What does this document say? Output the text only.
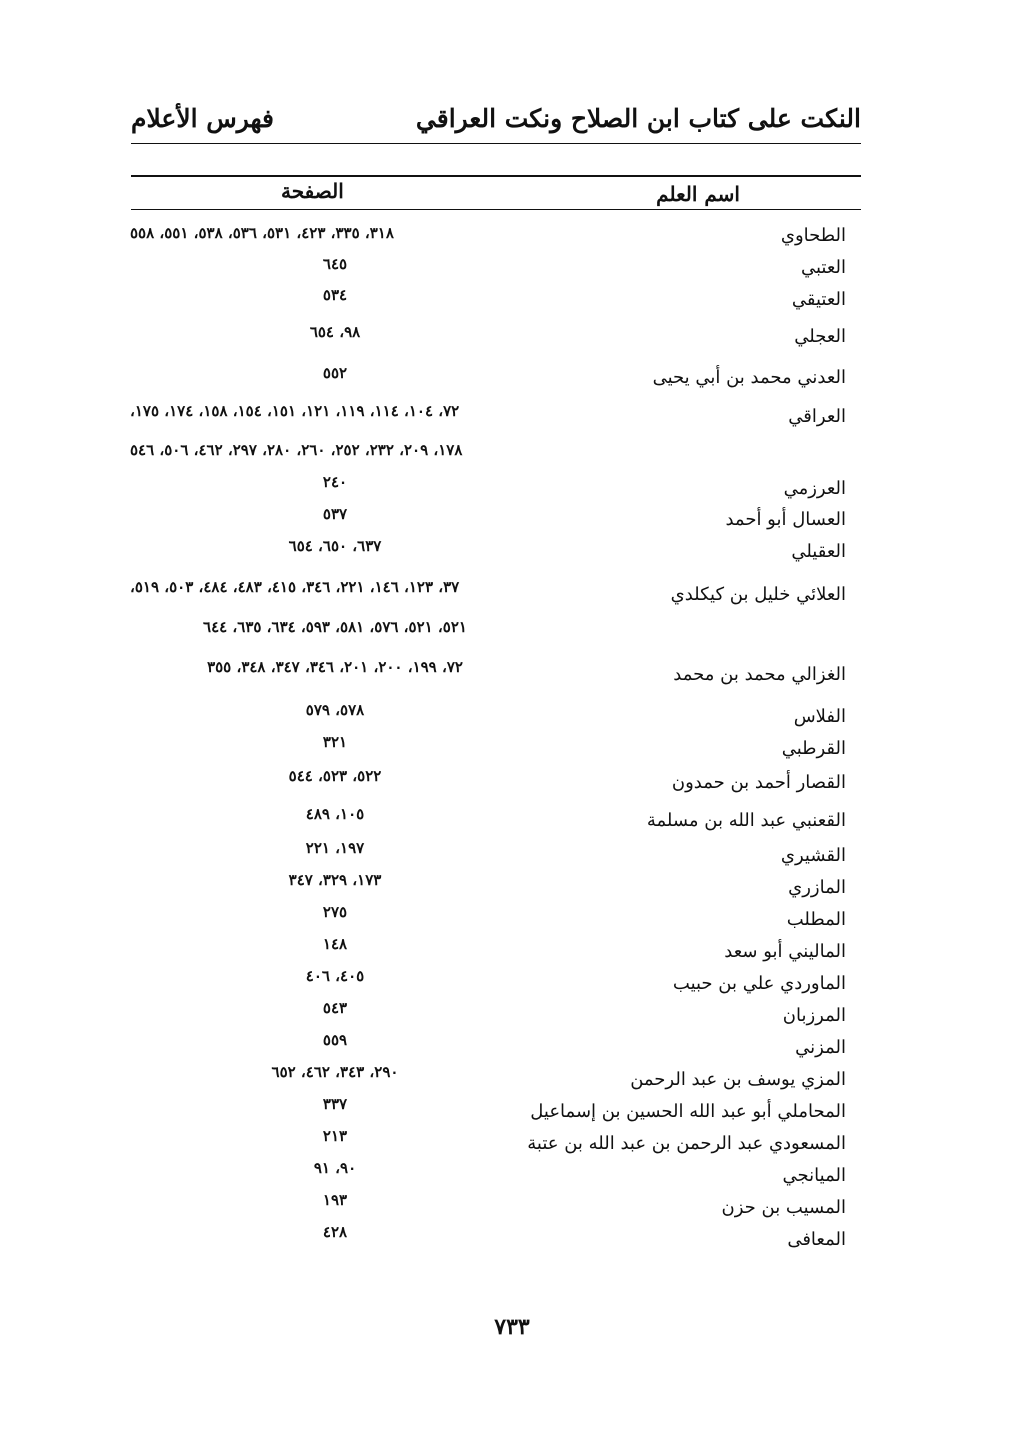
النكت على كتاب ابن الصلاح ونكت العراقي
فهرس الأعلام
اسم العلم
الصفحة
الطحاوي
٣١٨، ٣٣٥، ٤٢٣، ٥٣١، ٥٣٦، ٥٣٨، ٥٥١، ٥٥٨
العتبي
٦٤٥
العتيقي
٥٣٤
العجلي
٩٨، ٦٥٤
العدني محمد بن أبي يحيى
٥٥٢
العراقي
٧٢، ١٠٤، ١١٤، ١١٩، ١٢١، ١٥١، ١٥٤، ١٥٨، ١٧٤، ١٧٥،
١٧٨، ٢٠٩، ٢٣٢، ٢٥٢، ٢٦٠، ٢٨٠، ٢٩٧، ٤٦٢، ٥٠٦، ٥٤٦
العرزمي
٢٤٠
العسال أبو أحمد
٥٣٧
العقيلي
٦٣٧، ٦٥٠، ٦٥٤
العلائي خليل بن كيكلدي
٣٧، ١٢٣، ١٤٦، ٢٢١، ٣٤٦، ٤١٥، ٤٨٣، ٤٨٤، ٥٠٣، ٥١٩،
٥٢١، ٥٢١، ٥٧٦، ٥٨١، ٥٩٣، ٦٣٤، ٦٣٥، ٦٤٤
الغزالي محمد بن محمد
٧٢، ١٩٩، ٢٠٠، ٢٠١، ٣٤٦، ٣٤٧، ٣٤٨، ٣٥٥
الفلاس
٥٧٨، ٥٧٩
القرطبي
٣٢١
القصار أحمد بن حمدون
٥٢٢، ٥٢٣، ٥٤٤
القعنبي عبد الله بن مسلمة
١٠٥، ٤٨٩
القشيري
١٩٧، ٢٢١
المازري
١٧٣، ٣٢٩، ٣٤٧
المطلب
٢٧٥
الماليني أبو سعد
١٤٨
الماوردي علي بن حبيب
٤٠٥، ٤٠٦
المرزبان
٥٤٣
المزني
٥٥٩
المزي يوسف بن عبد الرحمن
٢٩٠، ٣٤٣، ٤٦٢، ٦٥٢
المحاملي أبو عبد الله الحسين بن إسماعيل
٣٣٧
المسعودي عبد الرحمن بن عبد الله بن عتبة
٢١٣
الميانجي
٩٠، ٩١
المسيب بن حزن
١٩٣
المعافى
٤٢٨
٧٣٣
